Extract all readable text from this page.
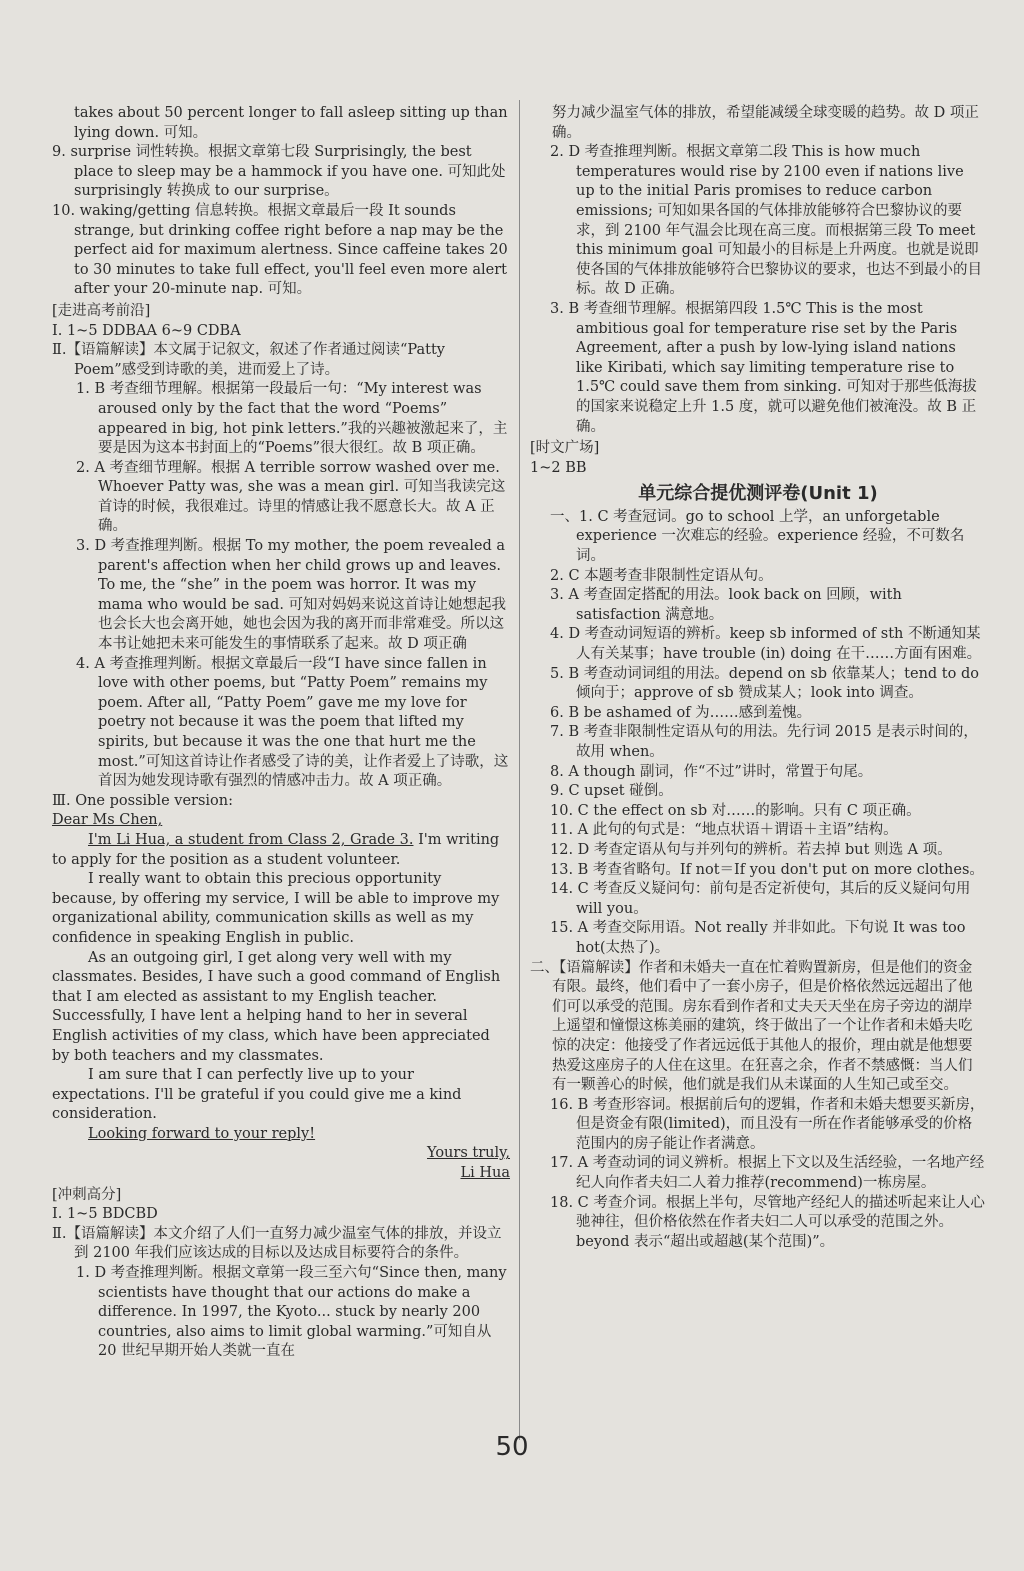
takes about 50 percent longer to fall asleep sitting up than lying down. 可知。

9. surprise 词性转换。根据文章第七段 Surprisingly, the best place to sleep may be a hammock if you have one. 可知此处 surprisingly 转换成 to our surprise。

10. waking/getting 信息转换。根据文章最后一段 It sounds strange, but drinking coffee right before a nap may be the perfect aid for maximum alertness. Since caffeine takes 20 to 30 minutes to take full effect, you'll feel even more alert after your 20-minute nap. 可知。

[走进高考前沿]

Ⅰ. 1~5 DDBAA 6~9 CDBA

Ⅱ.【语篇解读】本文属于记叙文，叙述了作者通过阅读“Patty Poem”感受到诗歌的美，进而爱上了诗。

1. B 考查细节理解。根据第一段最后一句：“My interest was aroused only by the fact that the word “Poems” appeared in big, hot pink letters.”我的兴趣被激起来了，主要是因为这本书封面上的“Poems”很大很红。故 B 项正确。

2. A 考查细节理解。根据 A terrible sorrow washed over me. Whoever Patty was, she was a mean girl. 可知当我读完这首诗的时候，我很难过。诗里的情感让我不愿意长大。故 A 正确。

3. D 考查推理判断。根据 To my mother, the poem revealed a parent's affection when her child grows up and leaves. To me, the “she” in the poem was horror. It was my mama who would be sad. 可知对妈妈来说这首诗让她想起我也会长大也会离开她，她也会因为我的离开而非常难受。所以这本书让她把未来可能发生的事情联系了起来。故 D 项正确

4. A 考查推理判断。根据文章最后一段“I have since fallen in love with other poems, but “Patty Poem” remains my poem. After all, “Patty Poem” gave me my love for poetry not because it was the poem that lifted my spirits, but because it was the one that hurt me the most.”可知这首诗让作者感受了诗的美，让作者爱上了诗歌，这首因为她发现诗歌有强烈的情感冲击力。故 A 项正确。

Ⅲ. One possible version:

Dear Ms Chen,

I'm Li Hua, a student from Class 2, Grade 3. I'm writing to apply for the position as a student volunteer.

I really want to obtain this precious opportunity because, by offering my service, I will be able to improve my organizational ability, communication skills as well as my confidence in speaking English in public.

As an outgoing girl, I get along very well with my classmates. Besides, I have such a good command of English that I am elected as assistant to my English teacher. Successfully, I have lent a helping hand to her in several English activities of my class, which have been appreciated by both teachers and my classmates.

I am sure that I can perfectly live up to your expectations. I'll be grateful if you could give me a kind consideration.

Looking forward to your reply!

Yours truly,

Li Hua

[冲刺高分]

Ⅰ. 1~5 BDCBD

Ⅱ.【语篇解读】本文介绍了人们一直努力减少温室气体的排放，并设立到 2100 年我们应该达成的目标以及达成目标要符合的条件。

1. D 考查推理判断。根据文章第一段三至六句“Since then, many scientists have thought that our actions do make a difference. In 1997, the Kyoto... stuck by nearly 200 countries, also aims to limit global warming.”可知自从 20 世纪早期开始人类就一直在

努力减少温室气体的排放，希望能减缓全球变暖的趋势。故 D 项正确。

2. D 考查推理判断。根据文章第二段 This is how much temperatures would rise by 2100 even if nations live up to the initial Paris promises to reduce carbon emissions; 可知如果各国的气体排放能够符合巴黎协议的要求，到 2100 年气温会比现在高三度。而根据第三段 To meet this minimum goal 可知最小的目标是上升两度。也就是说即使各国的气体排放能够符合巴黎协议的要求，也达不到最小的目标。故 D 正确。

3. B 考查细节理解。根据第四段 1.5℃ This is the most ambitious goal for temperature rise set by the Paris Agreement, after a push by low-lying island nations like Kiribati, which say limiting temperature rise to 1.5℃ could save them from sinking. 可知对于那些低海拔的国家来说稳定上升 1.5 度，就可以避免他们被淹没。故 B 正确。

[时文广场]

1~2 BB

单元综合提优测评卷(Unit 1)

一、1. C 考查冠词。go to school 上学，an unforgetable experience 一次难忘的经验。experience 经验，不可数名词。

2. C 本题考查非限制性定语从句。

3. A 考查固定搭配的用法。look back on 回顾，with satisfaction 满意地。

4. D 考查动词短语的辨析。keep sb informed of sth 不断通知某人有关某事；have trouble (in) doing 在干……方面有困难。

5. B 考查动词词组的用法。depend on sb 依靠某人；tend to do 倾向于；approve of sb 赞成某人；look into 调查。

6. B be ashamed of 为……感到羞愧。

7. B 考查非限制性定语从句的用法。先行词 2015 是表示时间的，故用 when。

8. A though 副词，作“不过”讲时，常置于句尾。

9. C upset 碰倒。

10. C the effect on sb 对……的影响。只有 C 项正确。

11. A 此句的句式是：“地点状语＋谓语＋主语”结构。

12. D 考查定语从句与并列句的辨析。若去掉 but 则选 A 项。

13. B 考查省略句。If not＝If you don't put on more clothes。

14. C 考查反义疑问句：前句是否定祈使句，其后的反义疑问句用 will you。

15. A 考查交际用语。Not really 并非如此。下句说 It was too hot(太热了)。

二、【语篇解读】作者和未婚夫一直在忙着购置新房，但是他们的资金有限。最终，他们看中了一套小房子，但是价格依然远远超出了他们可以承受的范围。房东看到作者和丈夫天天坐在房子旁边的湖岸上遥望和憧憬这栋美丽的建筑，终于做出了一个让作者和未婚夫吃惊的决定：他接受了作者远远低于其他人的报价，理由就是他想要热爱这座房子的人住在这里。在狂喜之余，作者不禁感慨：当人们有一颗善心的时候，他们就是我们从未谋面的人生知己或至交。

16. B 考查形容词。根据前后句的逻辑，作者和未婚夫想要买新房，但是资金有限(limited)，而且没有一所在作者能够承受的价格范围内的房子能让作者满意。

17. A 考查动词的词义辨析。根据上下文以及生活经验，一名地产经纪人向作者夫妇二人着力推荐(recommend)一栋房屋。

18. C 考查介词。根据上半句，尽管地产经纪人的描述听起来让人心驰神往，但价格依然在作者夫妇二人可以承受的范围之外。beyond 表示“超出或超越(某个范围)”。

50
